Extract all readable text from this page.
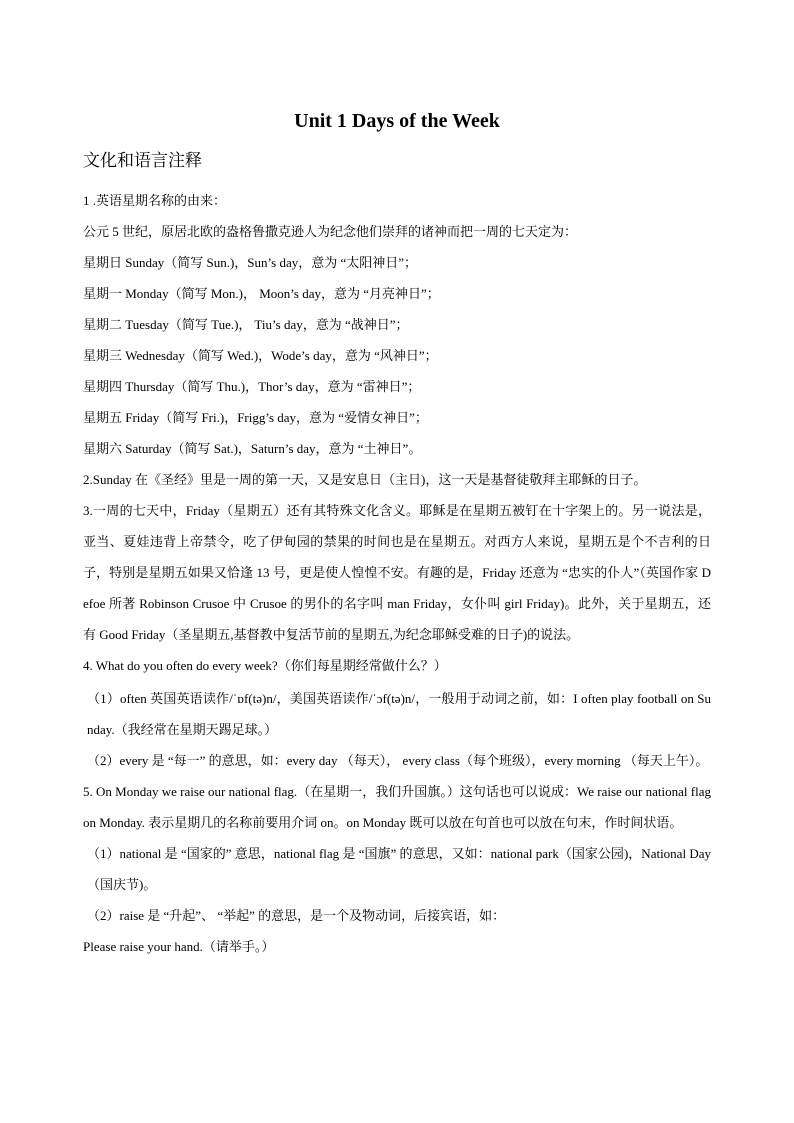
Unit 1 Days of the Week
文化和语言注释
1 .英语星期名称的由来：
公元 5 世纪，原居北欧的盎格鲁撒克逊人为纪念他们崇拜的诸神而把一周的七天定为：
星期日 Sunday（简写 Sun.)，Sun’s day，意为 “太阳神日”；
星期一 Monday（简写 Mon.)， Moon’s day，意为 “月亮神日”；
星期二 Tuesday（简写 Tue.)， Tiu’s day，意为 “战神日”；
星期三 Wednesday（简写 Wed.)，Wode’s day，意为 “风神日”；
星期四 Thursday（简写 Thu.)，Thor’s day，意为 “雷神日”；
星期五 Friday（简写 Fri.)，Frigg’s day，意为 “爱情女神日”；
星期六 Saturday（简写 Sat.)，Saturn’s day，意为 “土神日”。
2.Sunday 在《圣经》里是一周的第一天，又是安息日（主日)，这一天是基督徒敬拜主耶稣的日子。
3.一周的七天中，Friday（星期五）还有其特殊文化含义。耶稣是在星期五被钉在十字架上的。另一说法是，亚当、夏娃违背上帝禁令，吃了伊甸园的禁果的时间也是在星期五。对西方人来说，星期五是个不吉利的日子，特别是星期五如果又恰逢 13 号，更是使人惶惶不安。有趣的是，Friday 还意为 “忠实的仆人”（英国作家 Defoe 所著 Robinson Crusoe 中 Crusoe 的男仆的名字叫 man Friday，女仆叫 girl Friday)。此外，关于星期五，还有 Good Friday（圣星期五,基督教中复活节前的星期五,为纪念耶稣受难的日子)的说法。
4. What do you often do every week?（你们每星期经常做什么？）
（1）often 英国英语读作/ˈɒf(tə)n/，美国英语读作/ˈɔf(tə)n/，一般用于动词之前，如：I often play football on Sunday.（我经常在星期天踢足球。）
（2）every 是 “每一” 的意思，如：every day （每天）， every class（每个班级），every morning （每天上午）。
5. On Monday we raise our national flag.（在星期一，我们升国旗。）这句话也可以说成：We raise our national flag on Monday. 表示星期几的名称前要用介词 on。on Monday 既可以放在句首也可以放在句末，作时间状语。
（1）national 是 “国家的” 意思，national flag 是 “国旗” 的意思，又如：national park（国家公园)，National Day（国庆节)。
（2）raise 是 “升起”、 “举起” 的意思，是一个及物动词，后接宾语，如：
Please raise your hand.（请举手。）
